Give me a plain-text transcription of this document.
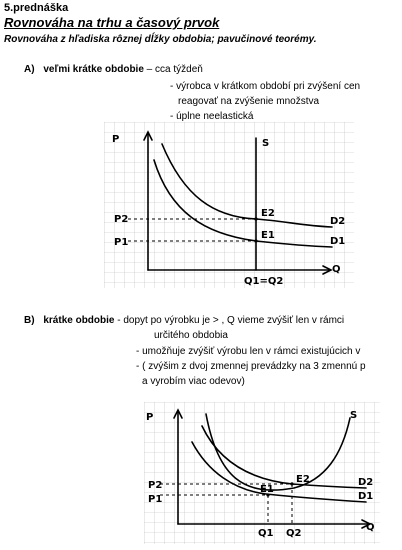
5.prednáška
Rovnováha na trhu a časový prvok
Rovnováha z hľadiska rôznej dĺžky obdobia; pavučinové teorémy.
A) veľmi krátke obdobie – cca týždeň
- výrobca v krátkom období pri zvýšení cen
reagovať na zvýšenie množstva
- úplne neelastická
P
Q
S
P2
P1
E2
E1
D2
D1
Q1=Q2
B) krátke obdobie - dopyt po výrobku je > , Q vieme zvýšiť len v rámci
určitého obdobia
- umožňuje zvýšiť výrobu len v rámci existujúcich v
- ( zvýšim z dvoj zmennej prevádzky na 3 zmennú p
a vyrobím viac odevov)
P
Q
S
P2
P1
E2
E1
D2
D1
Q1 Q2
